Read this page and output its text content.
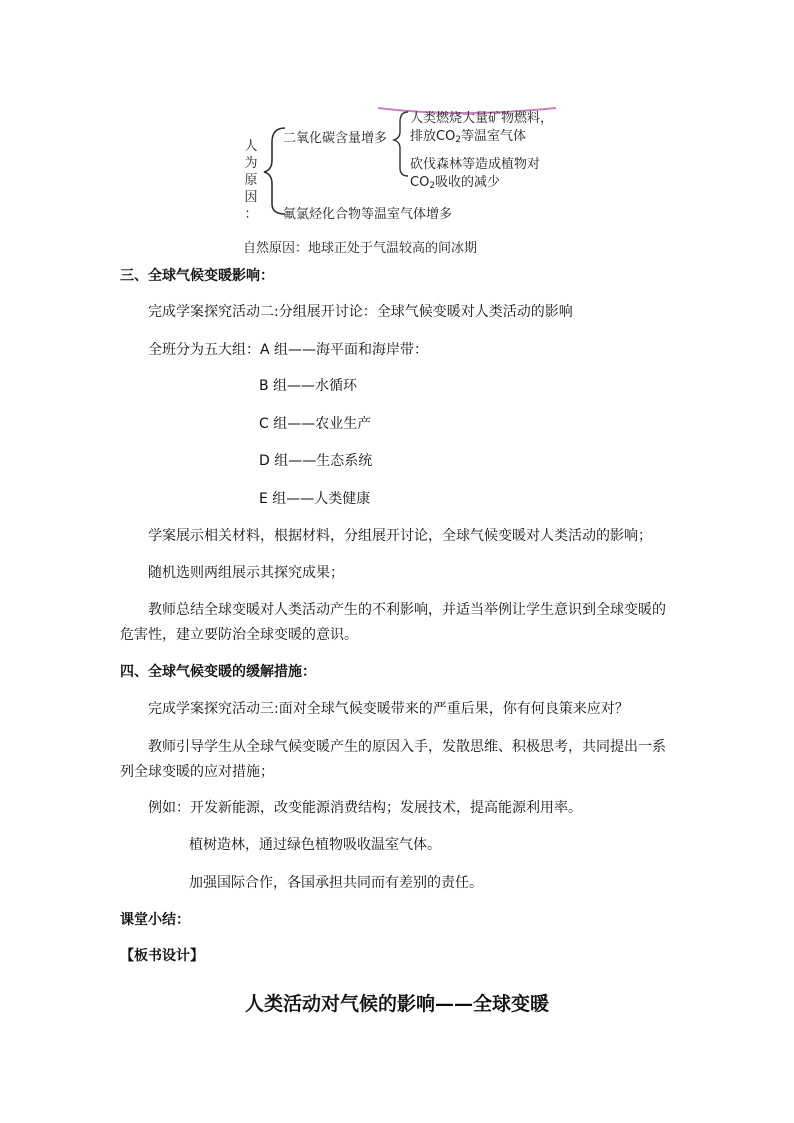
人
为
原
因
：
二氧化碳含量增多
人类燃烧大量矿物燃料，
排放$CO_2$等温室气体
砍伐森林等造成植物对
$CO_2$吸收的减少
氟氯烃化合物等温室气体增多
自然原因：地球正处于气温较高的间冰期
三、全球气候变暖影响：
完成学案探究活动二:分组展开讨论：全球气候变暖对人类活动的影响
全班分为五大组：A 组——海平面和海岸带：
B 组——水循环
C 组——农业生产
D 组——生态系统
E 组——人类健康
学案展示相关材料，根据材料，分组展开讨论，全球气候变暖对人类活动的影响；
随机选则两组展示其探究成果；
教师总结全球变暖对人类活动产生的不利影响，并适当举例让学生意识到全球变暖的
危害性，建立要防治全球变暖的意识。
四、全球气候变暖的缓解措施：
完成学案探究活动三:面对全球气候变暖带来的严重后果，你有何良策来应对？
教师引导学生从全球气候变暖产生的原因入手，发散思维、积极思考，共同提出一系
列全球变暖的应对措施；
例如：开发新能源，改变能源消费结构；发展技术，提高能源利用率。
植树造林，通过绿色植物吸收温室气体。
加强国际合作，各国承担共同而有差别的责任。
课堂小结：
【板书设计】
人类活动对气候的影响——全球变暖
